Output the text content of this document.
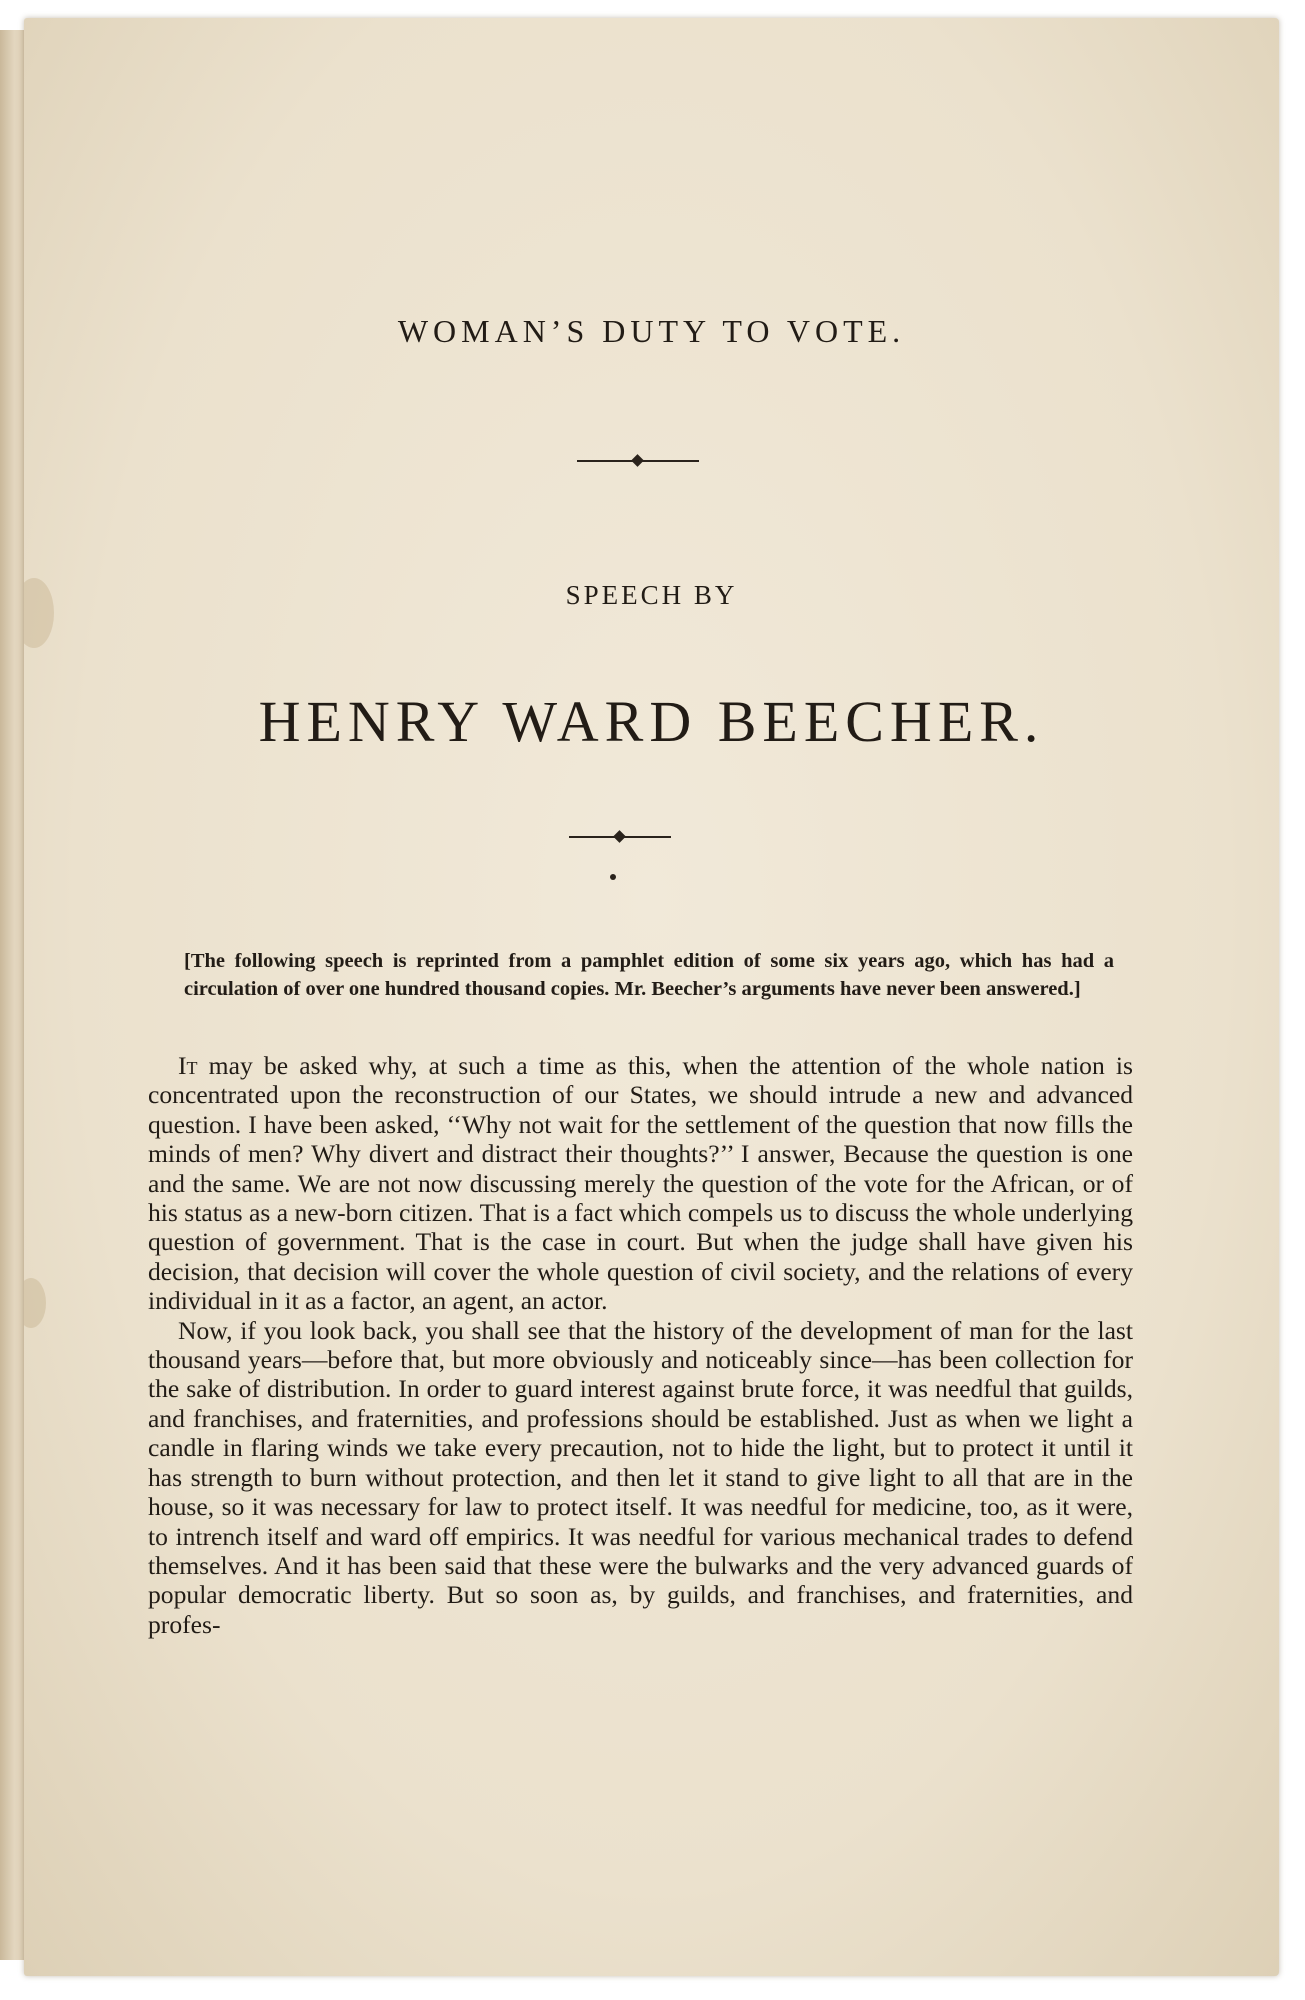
WOMAN’S DUTY TO VOTE.
SPEECH BY
HENRY WARD BEECHER.

[The following speech is reprinted from a pamphlet edition of some six years ago, which has had a circulation of over one hundred thousand copies. Mr. Beecher’s arguments have never been answered.]

It may be asked why, at such a time as this, when the attention of the whole nation is concentrated upon the reconstruction of our States, we should intrude a new and advanced question. I have been asked, ‘‘Why not wait for the settlement of the question that now fills the minds of men? Why divert and distract their thoughts?’’ I answer, Because the question is one and the same. We are not now discussing merely the question of the vote for the African, or of his status as a new-born citizen. That is a fact which compels us to discuss the whole underlying question of government. That is the case in court. But when the judge shall have given his decision, that decision will cover the whole question of civil society, and the relations of every individual in it as a factor, an agent, an actor.

Now, if you look back, you shall see that the history of the development of man for the last thousand years—before that, but more obviously and noticeably since—has been collection for the sake of distribution. In order to guard interest against brute force, it was needful that guilds, and franchises, and fraternities, and professions should be established. Just as when we light a candle in flaring winds we take every precaution, not to hide the light, but to protect it until it has strength to burn without protection, and then let it stand to give light to all that are in the house, so it was necessary for law to protect itself. It was needful for medicine, too, as it were, to intrench itself and ward off empirics. It was needful for various mechanical trades to defend themselves. And it has been said that these were the bulwarks and the very advanced guards of popular democratic liberty. But so soon as, by guilds, and franchises, and fraternities, and profes-
